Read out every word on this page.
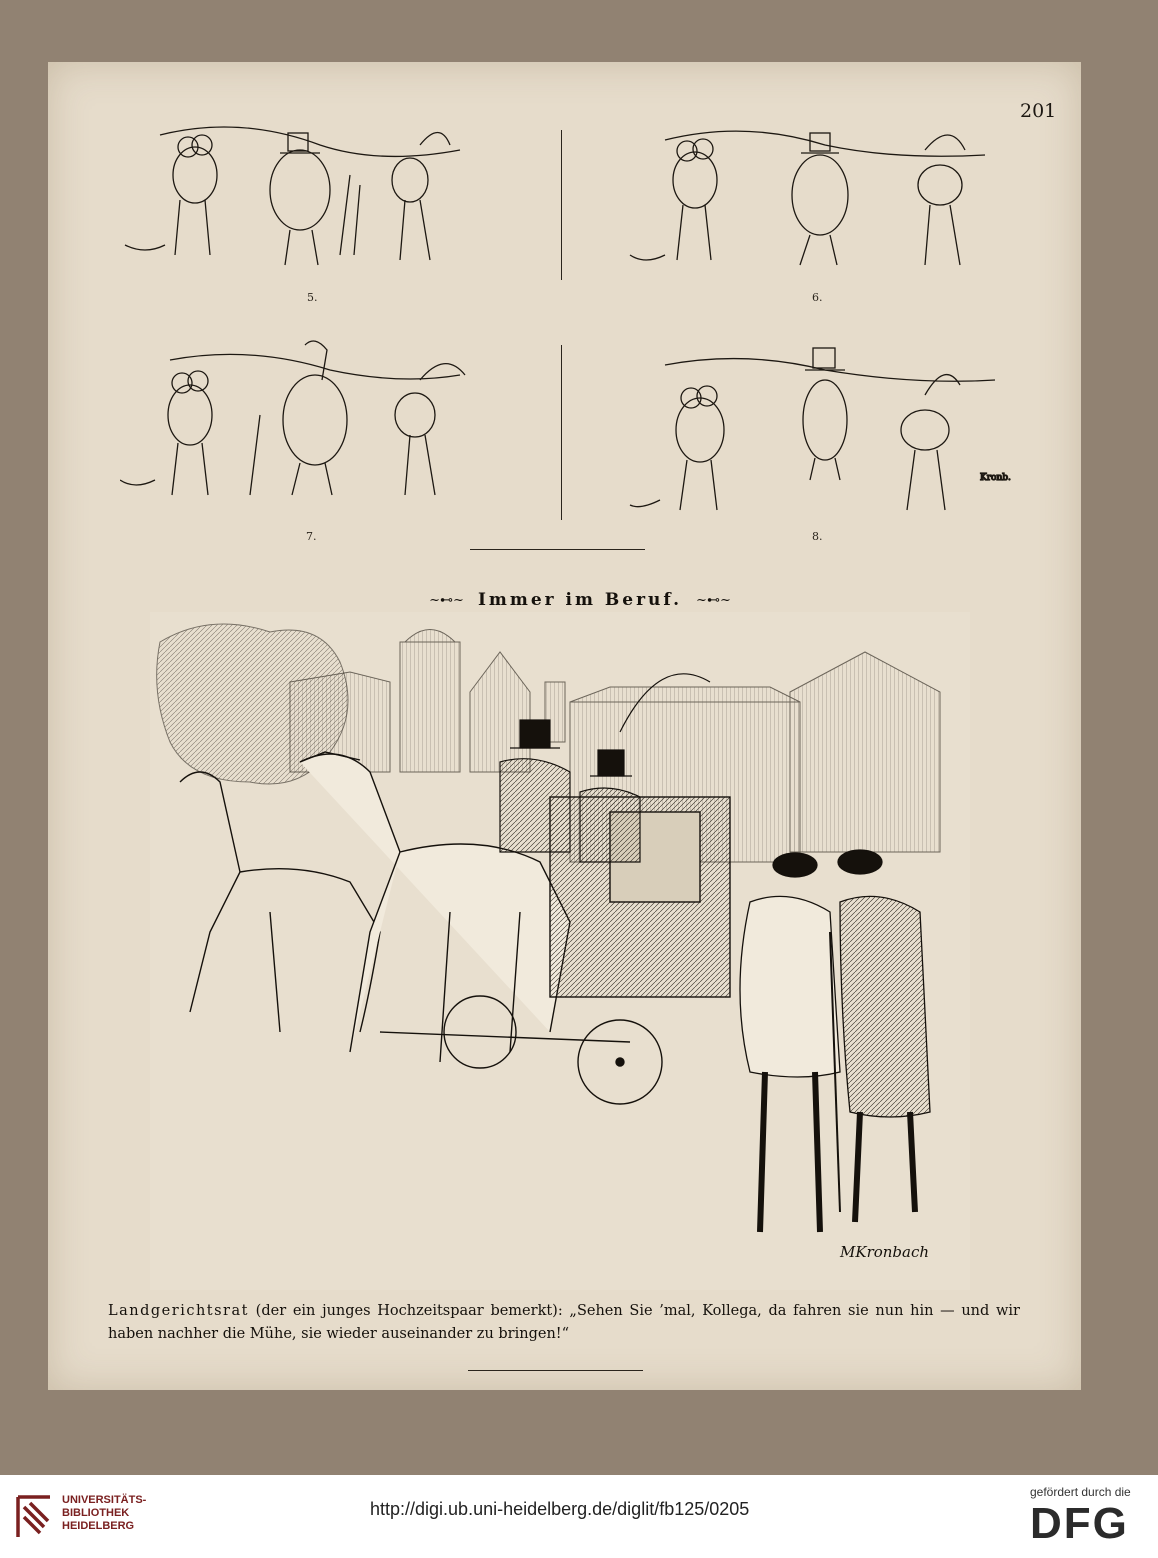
201
5.	6.
7.
Kronb.
8.
~⊷~ Immer im Beruf. ~⊷~
MKronbach
Landgerichtsrat (der ein junges Hochzeitspaar bemerkt): „Sehen Sie ’mal, Kollega, da fahren sie nun hin — und wir haben nachher die Mühe, sie wieder auseinander zu bringen!“
UNIVERSITÄTS-
BIBLIOTHEK
HEIDELBERG
http://digi.ub.uni-heidelberg.de/diglit/fb125/0205
gefördert durch die
DFG
